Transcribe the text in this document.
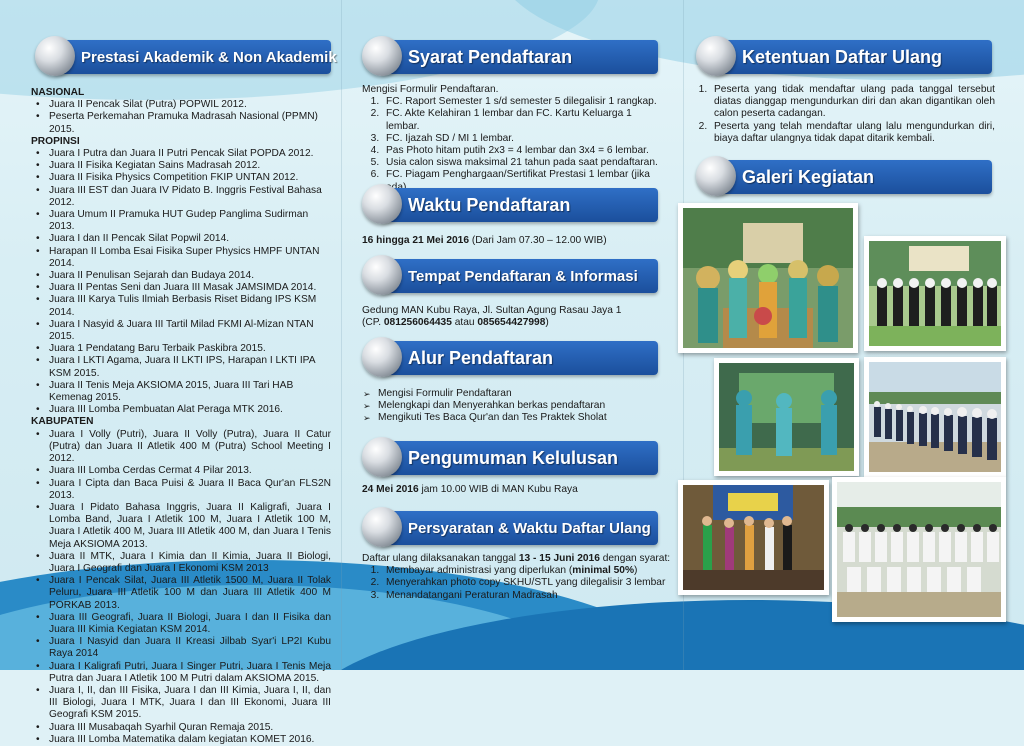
Prestasi Akademik & Non Akademik

NASIONAL

• Juara II Pencak Silat (Putra) POPWIL 2012.
• Peserta Perkemahan Pramuka Madrasah Nasional (PPMN) 2015.

PROPINSI

• Juara I Putra dan Juara II Putri Pencak Silat POPDA 2012.
• Juara II Fisika Kegiatan Sains Madrasah 2012.
• Juara II Fisika Physics Competition FKIP UNTAN 2012.
• Juara III EST dan Juara IV Pidato B. Inggris Festival Bahasa 2012.
• Juara Umum II Pramuka HUT Gudep Panglima Sudirman 2013.
• Juara I dan II Pencak Silat Popwil 2014.
• Harapan II Lomba Esai Fisika Super Physics HMPF UNTAN 2014.
• Juara II Penulisan Sejarah dan Budaya 2014.
• Juara II Pentas Seni dan Juara III Masak JAMSIMDA 2014.
• Juara III Karya Tulis Ilmiah Berbasis Riset Bidang IPS KSM 2014.
• Juara I Nasyid & Juara III Tartil Milad FKMI Al-Mizan NTAN 2015.
• Juara 1 Pendatang Baru Terbaik Paskibra 2015.
• Juara I LKTI Agama, Juara II LKTI IPS, Harapan I LKTI IPA KSM 2015.
• Juara II Tenis Meja AKSIOMA 2015, Juara III Tari HAB Kemenag 2015.
• Juara III Lomba Pembuatan Alat Peraga MTK 2016.

KABUPATEN

• Juara I Volly (Putri), Juara II Volly (Putra), Juara II Catur (Putra) dan Juara II Atletik 400 M (Putra) School Meeting I 2012.
• Juara III Lomba Cerdas Cermat 4 Pilar 2013.
• Juara I Cipta dan Baca Puisi & Juara II Baca Qur'an FLS2N 2013.
• Juara I Pidato Bahasa Inggris, Juara II Kaligrafi, Juara I Lomba Band, Juara I Atletik 100 M, Juara I Atletik 100 M, Juara I Atletik 400 M, Juara III Atletik 400 M, dan Juara I Tenis Meja AKSIOMA 2013.
• Juara II MTK, Juara I Kimia dan II Kimia, Juara II Biologi, Juara I Geografi dan Juara I Ekonomi KSM 2013
• Juara I Pencak Silat, Juara III Atletik 1500 M, Juara II Tolak Peluru, Juara III Atletik 100 M dan Juara III Atletik 400 M PORKAB 2013.
• Juara III Geografi, Juara II Biologi, Juara I dan II Fisika dan Juara III Kimia Kegiatan KSM 2014.
• Juara I Nasyid dan Juara II Kreasi Jilbab Syar'i LP2I Kubu Raya 2014
• Juara I Kaligrafi Putri, Juara I Singer Putri, Juara I Tenis Meja Putra dan Juara I Atletik 100 M Putri dalam AKSIOMA 2015.
• Juara I, II, dan III Fisika, Juara I dan III Kimia, Juara I, II, dan III Biologi, Juara I MTK, Juara I dan III Ekonomi, Juara III Geografi KSM 2015.
• Juara III Musabaqah Syarhil Quran Remaja 2015.
• Juara III Lomba Matematika dalam kegiatan KOMET 2016.
Syarat Pendaftaran
Mengisi Formulir Pendaftaran.
1. FC. Raport Semester 1 s/d semester 5 dilegalisir 1 rangkap.
2. FC. Akte Kelahiran 1 lembar dan FC. Kartu Keluarga 1 lembar.
3. FC. Ijazah SD / MI 1 lembar.
4. Pas Photo hitam putih 2x3 = 4 lembar dan 3x4 = 6 lembar.
5. Usia calon siswa maksimal 21 tahun pada saat pendaftaran.
6. FC. Piagam Penghargaan/Sertifikat Prestasi 1 lembar (jika
Waktu Pendaftaran
16 hingga 21 Mei 2016 (Dari Jam 07.30 – 12.00 WIB)
Tempat Pendaftaran & Informasi
Gedung MAN Kubu Raya, Jl. Sultan Agung Rasau Jaya 1
(CP. 081256064435 atau 085654427998)
Alur Pendaftaran
➢ Mengisi Formulir Pendaftaran
➢ Melengkapi dan Menyerahkan berkas pendaftaran
➢ Mengikuti Tes Baca Qur'an dan Tes Praktek Sholat
Pengumuman Kelulusan
24 Mei 2016 jam 10.00 WIB di MAN Kubu Raya
Persyaratan & Waktu Daftar Ulang
Daftar ulang dilaksanakan tanggal 13 - 15 Juni 2016 dengan syarat:
1. Membayar administrasi yang diperlukan (minimal 50%)
2. Menyerahkan photo copy SKHU/STL yang dilegalisir 3 lembar
3. Menandatangani Peraturan Madrasah
Ketentuan Daftar Ulang
1. Peserta yang tidak mendaftar ulang pada tanggal tersebut diatas dianggap mengundurkan diri dan akan digantikan oleh calon peserta cadangan.
2. Peserta yang telah mendaftar ulang lalu mengundurkan diri, biaya daftar ulangnya tidak dapat ditarik kembali.
Galeri Kegiatan
